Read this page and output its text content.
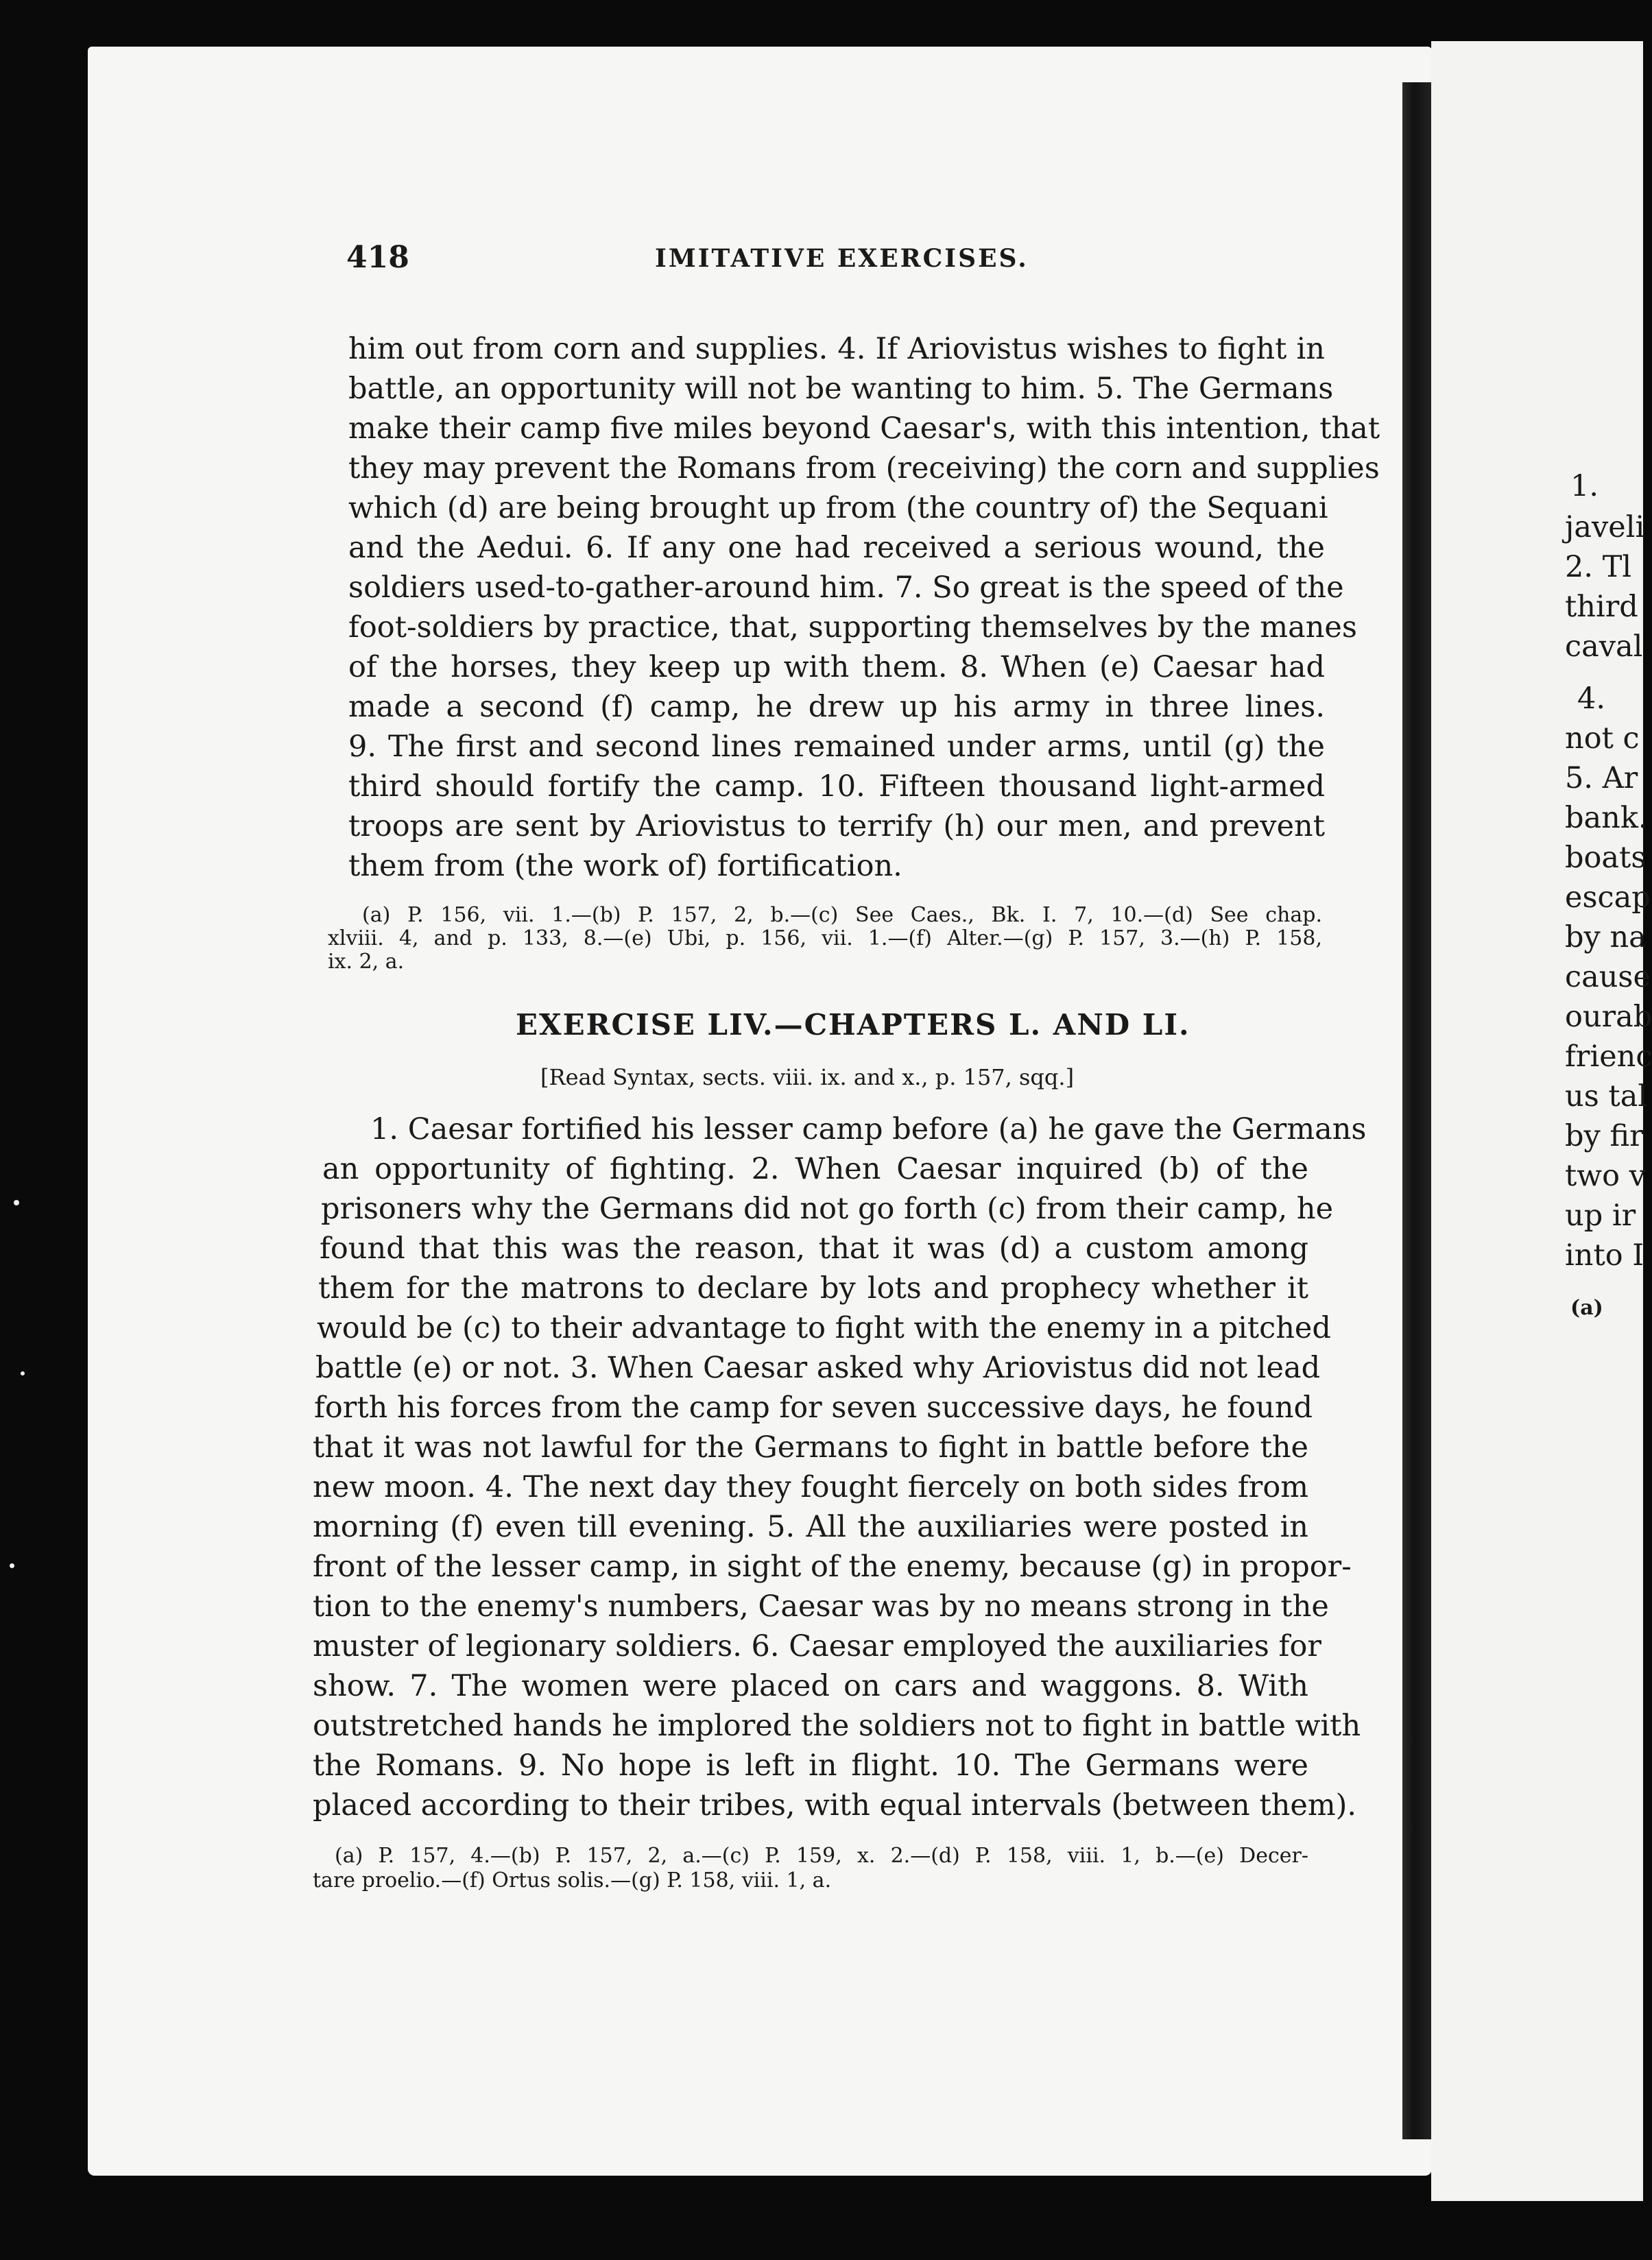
418	IMITATIVE EXERCISES.
him out from corn and supplies. 4. If Ariovistus wishes to fight in
battle, an opportunity will not be wanting to him. 5. The Germans
make their camp five miles beyond Caesar's, with this intention, that
they may prevent the Romans from (receiving) the corn and supplies
which (d) are being brought up from (the country of) the Sequani
and the Aedui. 6. If any one had received a serious wound, the
soldiers used-to-gather-around him. 7. So great is the speed of the
foot-soldiers by practice, that, supporting themselves by the manes
of the horses, they keep up with them. 8. When (e) Caesar had
made a second (f) camp, he drew up his army in three lines.
9. The first and second lines remained under arms, until (g) the
third should fortify the camp. 10. Fifteen thousand light-armed
troops are sent by Ariovistus to terrify (h) our men, and prevent
them from (the work of) fortification.
(a) P. 156, vii. 1.—(b) P. 157, 2, b.—(c) See Caes., Bk. I. 7, 10.—(d) See chap.
xlviii. 4, and p. 133, 8.—(e) Ubi, p. 156, vii. 1.—(f) Alter.—(g) P. 157, 3.—(h) P. 158,
ix. 2, a.
EXERCISE LIV.—CHAPTERS L. AND LI.
[Read Syntax, sects. viii. ix. and x., p. 157, sqq.]
1. Caesar fortified his lesser camp before (a) he gave the Germans
an opportunity of fighting. 2. When Caesar inquired (b) of the
prisoners why the Germans did not go forth (c) from their camp, he
found that this was the reason, that it was (d) a custom among
them for the matrons to declare by lots and prophecy whether it
would be (c) to their advantage to fight with the enemy in a pitched
battle (e) or not. 3. When Caesar asked why Ariovistus did not lead
forth his forces from the camp for seven successive days, he found
that it was not lawful for the Germans to fight in battle before the
new moon. 4. The next day they fought fiercely on both sides from
morning (f) even till evening. 5. All the auxiliaries were posted in
front of the lesser camp, in sight of the enemy, because (g) in propor-
tion to the enemy's numbers, Caesar was by no means strong in the
muster of legionary soldiers. 6. Caesar employed the auxiliaries for
show. 7. The women were placed on cars and waggons. 8. With
outstretched hands he implored the soldiers not to fight in battle with
the Romans. 9. No hope is left in flight. 10. The Germans were
placed according to their tribes, with equal intervals (between them).
(a) P. 157, 4.—(b) P. 157, 2, a.—(c) P. 159, x. 2.—(d) P. 158, viii. 1, b.—(e) Decer-
tare proelio.—(f) Ortus solis.—(g) P. 158, viii. 1, a.
1.
javeli
2. Tl
third
caval
4.
not c
5. Ar
bank.
boats
escap
by na
cause
ourab
frienc
us tal
by fir
two v
up ir
into I
(a)
